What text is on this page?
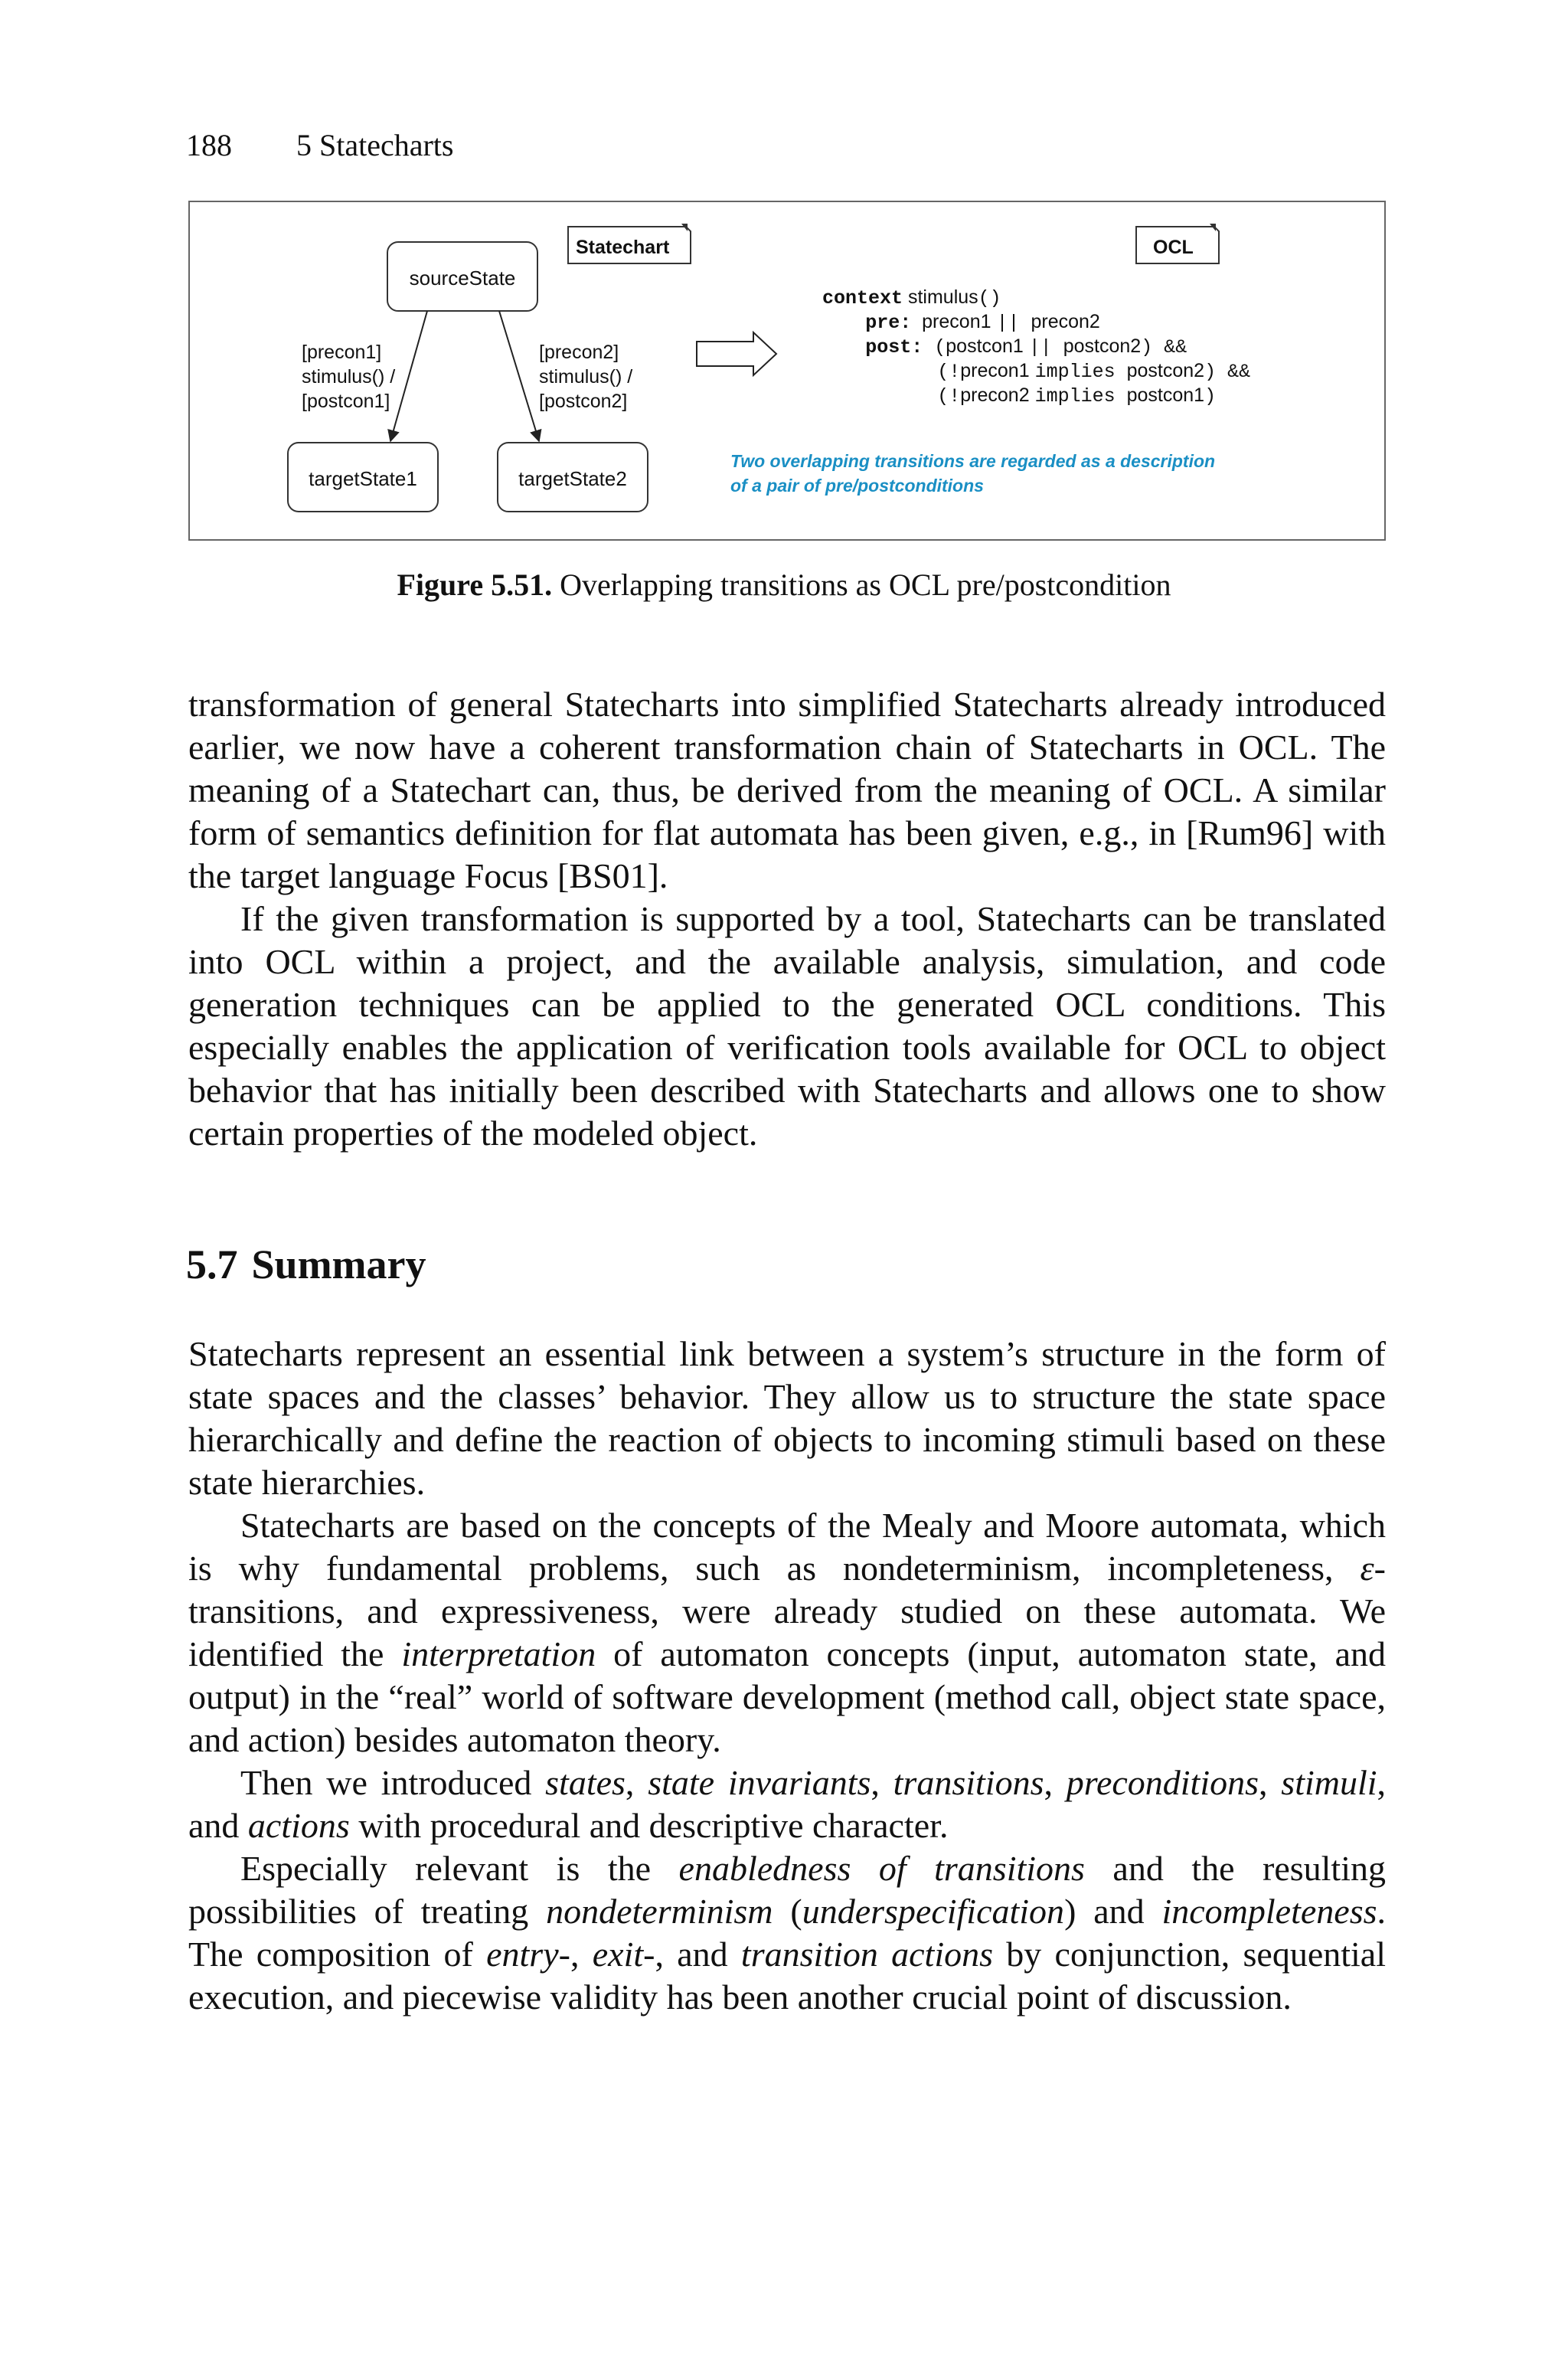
188 5 Statecharts
Statechart	OCL
sourceState
targetState1	targetState2
[precon1]
stimulus() /
[postcon1]
[precon2]
stimulus() /
[postcon2]
context stimulus()
pre:  precon1 || precon2
post: (postcon1 || postcon2) &&
(!precon1 implies postcon2) &&
(!precon2 implies postcon1)
Two overlapping transitions are regarded as a description
of a pair of pre/postconditions
Figure 5.51. Overlapping transitions as OCL pre/postcondition

transformation of general Statecharts into simplified Statecharts already introduced earlier, we now have a coherent transformation chain of Statecharts in OCL. The meaning of a Statechart can, thus, be derived from the meaning of OCL. A similar form of semantics definition for flat automata has been given, e.g., in [Rum96] with the target language Focus [BS01].

If the given transformation is supported by a tool, Statecharts can be translated into OCL within a project, and the available analysis, simulation, and code generation techniques can be applied to the generated OCL conditions. This especially enables the application of verification tools available for OCL to object behavior that has initially been described with Statecharts and allows one to show certain properties of the modeled object.

5.7 Summary

Statecharts represent an essential link between a system’s structure in the form of state spaces and the classes’ behavior. They allow us to structure the state space hierarchically and define the reaction of objects to incoming stimuli based on these state hierarchies.

Statecharts are based on the concepts of the Mealy and Moore automata, which is why fundamental problems, such as nondeterminism, incompleteness, ε-transitions, and expressiveness, were already studied on these automata. We identified the interpretation of automaton concepts (input, automaton state, and output) in the “real” world of software development (method call, object state space, and action) besides automaton theory.

Then we introduced states, state invariants, transitions, preconditions, stimuli, and actions with procedural and descriptive character.

Especially relevant is the enabledness of transitions and the resulting possibilities of treating nondeterminism (underspecification) and incompleteness. The composition of entry-, exit-, and transition actions by conjunction, sequential execution, and piecewise validity has been another crucial point of discussion.
